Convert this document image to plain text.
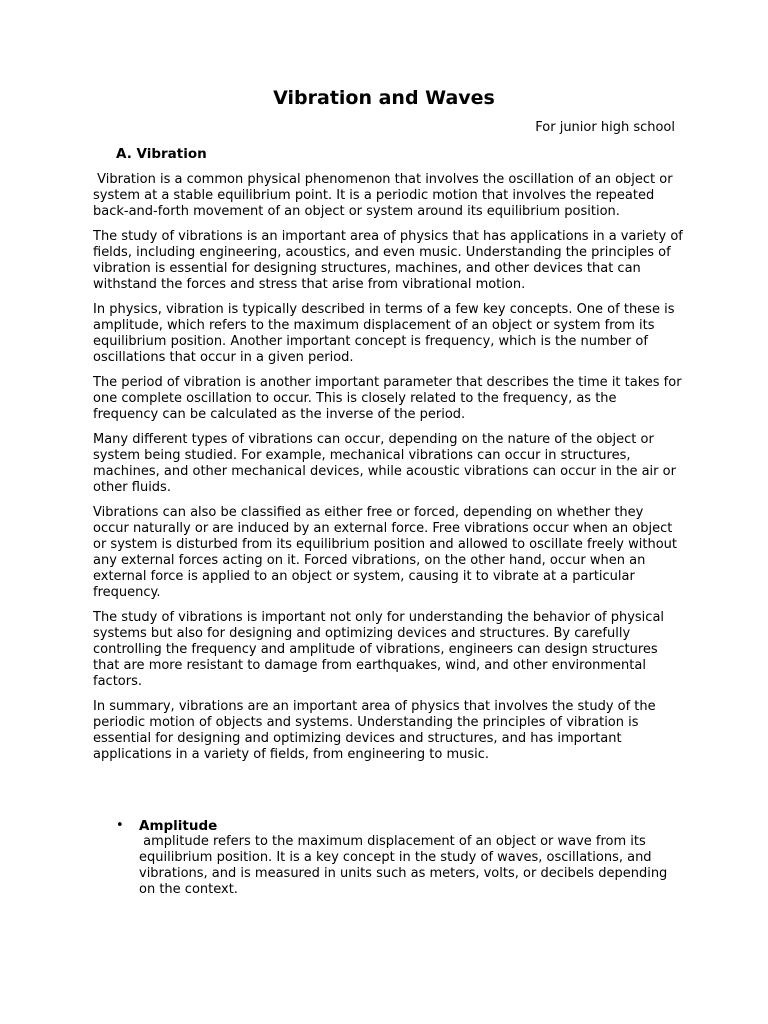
Vibration and Waves

For junior high school

A. Vibration

Vibration is a common physical phenomenon that involves the oscillation of an object or system at a stable equilibrium point. It is a periodic motion that involves the repeated back-and-forth movement of an object or system around its equilibrium position.

The study of vibrations is an important area of physics that has applications in a variety of fields, including engineering, acoustics, and even music. Understanding the principles of vibration is essential for designing structures, machines, and other devices that can withstand the forces and stress that arise from vibrational motion.

In physics, vibration is typically described in terms of a few key concepts. One of these is amplitude, which refers to the maximum displacement of an object or system from its equilibrium position. Another important concept is frequency, which is the number of oscillations that occur in a given period.

The period of vibration is another important parameter that describes the time it takes for one complete oscillation to occur. This is closely related to the frequency, as the frequency can be calculated as the inverse of the period.

Many different types of vibrations can occur, depending on the nature of the object or system being studied. For example, mechanical vibrations can occur in structures, machines, and other mechanical devices, while acoustic vibrations can occur in the air or other fluids.

Vibrations can also be classified as either free or forced, depending on whether they occur naturally or are induced by an external force. Free vibrations occur when an object or system is disturbed from its equilibrium position and allowed to oscillate freely without any external forces acting on it. Forced vibrations, on the other hand, occur when an external force is applied to an object or system, causing it to vibrate at a particular frequency.

The study of vibrations is important not only for understanding the behavior of physical systems but also for designing and optimizing devices and structures. By carefully controlling the frequency and amplitude of vibrations, engineers can design structures that are more resistant to damage from earthquakes, wind, and other environmental factors.

In summary, vibrations are an important area of physics that involves the study of the periodic motion of objects and systems. Understanding the principles of vibration is essential for designing and optimizing devices and structures, and has important applications in a variety of fields, from engineering to music.

• Amplitude

amplitude refers to the maximum displacement of an object or wave from its equilibrium position. It is a key concept in the study of waves, oscillations, and vibrations, and is measured in units such as meters, volts, or decibels depending on the context.
